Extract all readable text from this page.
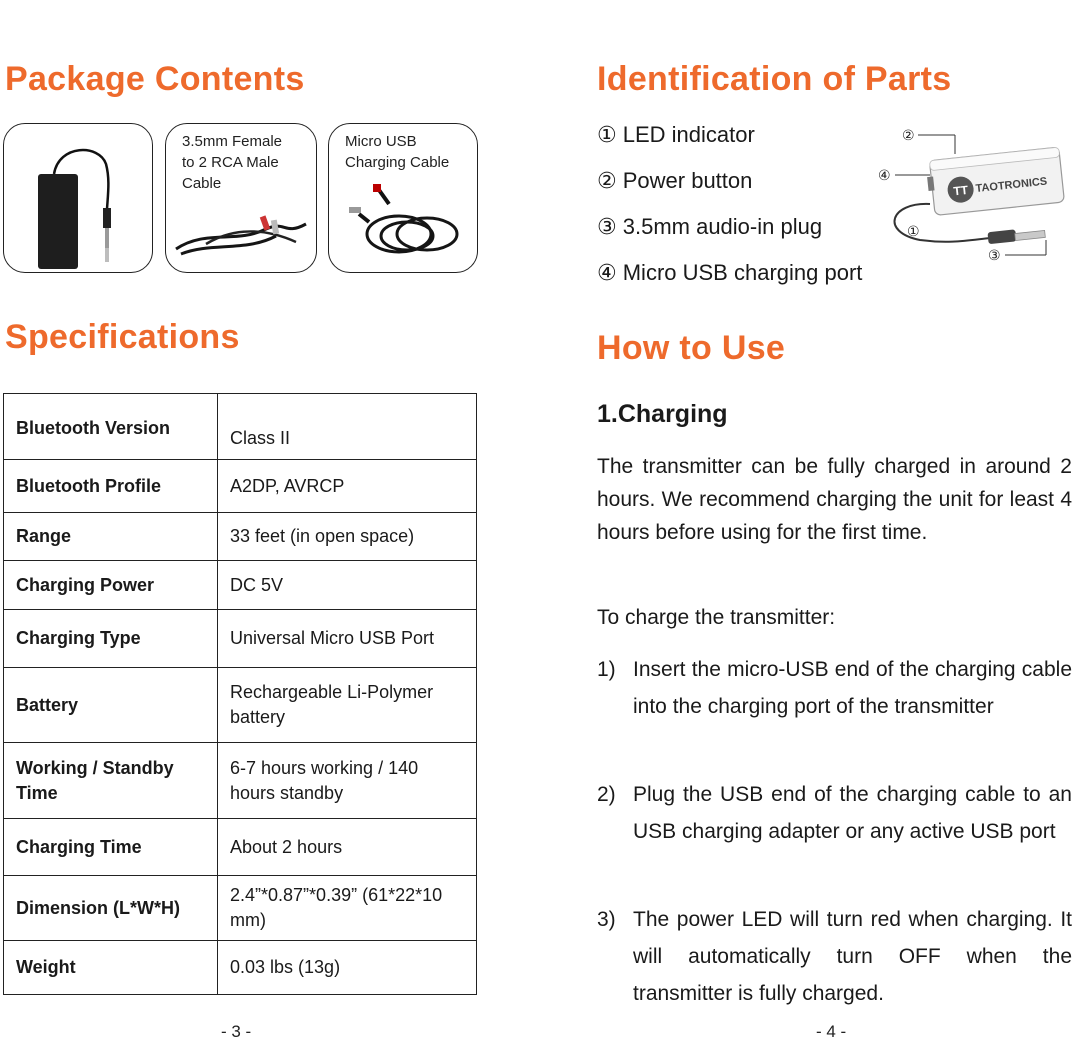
Package Contents
3.5mm Female
to 2 RCA Male
Cable
Micro USB
Charging Cable
Specifications
Bluetooth Version	Class II
Bluetooth Profile	A2DP, AVRCP
Range	33 feet (in open space)
Charging Power	DC 5V
Charging Type	Universal Micro USB Port
Battery	Rechargeable Li-Polymer battery
Working / Standby Time	6-7 hours working / 140 hours standby
Charging Time	About 2 hours
Dimension (L*W*H)	2.4”*0.87”*0.39” (61*22*10 mm)
Weight	0.03 lbs (13g)
- 3 -
Identification of Parts
① LED indicator
② Power button
③ 3.5mm audio-in plug
④ Micro USB charging port
TT TAOTRONICS
②
④
①
③
How to Use
1.Charging

The transmitter can be fully charged in around 2 hours. We recommend charging the unit for least 4 hours before using for the first time.

To charge the transmitter:

1) Insert the micro-USB end of the charging cable into the charging port of the transmitter
2) Plug the USB end of the charging cable to an USB charging adapter or any active USB port
3) The power LED will turn red when charging. It will automatically turn OFF when the transmitter is fully charged.
- 4 -
